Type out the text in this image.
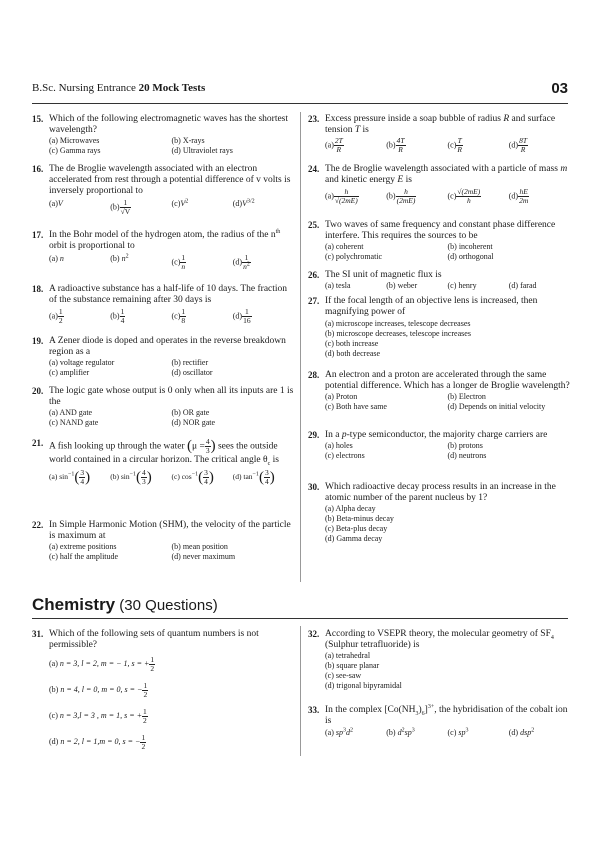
B.Sc. Nursing Entrance 20 Mock Tests	03
15. Which of the following electromagnetic waves has the shortest wavelength?
(a) Microwaves	(b) X-rays
(c) Gamma rays	(d) Ultraviolet rays
16. The de Broglie wavelength associated with an electron accelerated from rest through a potential difference of v volts is inversely proportional to
(a)V	$(b) \frac{1}{√V}$	$(c)V^2$	$(d)V^{3/2}$
17. In the Bohr model of the hydrogen atom, the radius of the $n^{th}$ orbit is proportional to
(a) n	(b) $n^2$
$(c) \frac{1}{n}$	$(d) \frac{1}{n^2}$
18. A radioactive substance has a half-life of 10 days. The fraction of the substance remaining after 30 days is
$(a) \frac{1}{2}$	$(b) \frac{1}{4}$	$(c) \frac{1}{8}$	$(d) \frac{1}{16}$
19. A Zener diode is doped and operates in the reverse breakdown region as a
(a) voltage regulator	(b) rectifier
(c) amplifier	(d) oscillator
20. The logic gate whose output is 0 only when all its inputs are 1 is the
(a) AND gate	(b) OR gate
(c) NAND gate	(d) NOR gate
21. A fish looking up through the water ($\mu = \frac{4}{3}$ ) sees the outside world contained in a circular horizon. The critical angle $\theta_c$ is
(a) $\sin^{-1}( \frac{3}{4}$ )	(b) $\sin^{-1}( \frac{4}{3}$ )	(c) $\cos^{-1}( \frac{3}{4}$ )	(d) $\tan^{-1}( \frac{3}{4}$ )
22. In Simple Harmonic Motion (SHM), the velocity of the particle is maximum at
(a) extreme positions	(b) mean position
(c) half the amplitude	(d) never maximum
23. Excess pressure inside a soap bubble of radius R and surface tension T is
$(a) \frac{2T}{R}$	$(b) \frac{4T}{R}$	$(c) \frac{T}{R}$	$(d) \frac{8T}{R}$
24. The de Broglie wavelength associated with a particle of mass m and kinetic energy E is
$(a) \frac{h}{√(2mE)}$	$(b) \frac{h}{(2mE)}$	$(c) \frac{√(2mE)}{h}$	$(d) \frac{hE}{2m}$
25. Two waves of same frequency and constant phase difference interfere. This requires the sources to be
(a) coherent	(b) incoherent
(c) polychromatic	(d) orthogonal
26. The SI unit of magnetic flux is
(a) tesla	(b) weber	(c) henry	(d) farad
27. If the focal length of an objective lens is increased, then magnifying power of
(a) microscope increases, telescope decreases
(b) microscope decreases, telescope increases
(c) both increase
(d) both decrease
28. An electron and a proton are accelerated through the same potential difference. Which has a longer de Broglie wavelength?
(a) Proton	(b) Electron
(c) Both have same	(d) Depends on initial velocity
29. In a p-type semiconductor, the majority charge carriers are
(a) holes	(b) protons
(c) electrons	(d) neutrons
30. Which radioactive decay process results in an increase in the atomic number of the parent nucleus by 1?
(a) Alpha decay
(b) Beta-minus decay
(c) Beta-plus decay
(d) Gamma decay
Chemistry (30 Questions)
31. Which of the following sets of quantum numbers is not permissible?
(a) n = 3, l = 2, m = − 1, s = + $\frac{1}{2}$
(b) n = 4, l = 0, m = 0, s = − $\frac{1}{2}$
(c) n = 3,l = 3 , m = 1, s = + $\frac{1}{2}$
(d) n = 2, l = 1,m = 0, s = − $\frac{1}{2}$
32. According to VSEPR theory, the molecular geometry of $SF_4$ (Sulphur tetrafluoride) is
(a) tetrahedral
(b) square planar
(c) see-saw
(d) trigonal bipyramidal
33. In the complex $[Co(NH_3)_6]^{3+}$, the hybridisation of the cobalt ion is
(a) $sp^3d^2$	(b) $d^2sp^3$	(c) $sp^3$	(d) dsp$^2$
